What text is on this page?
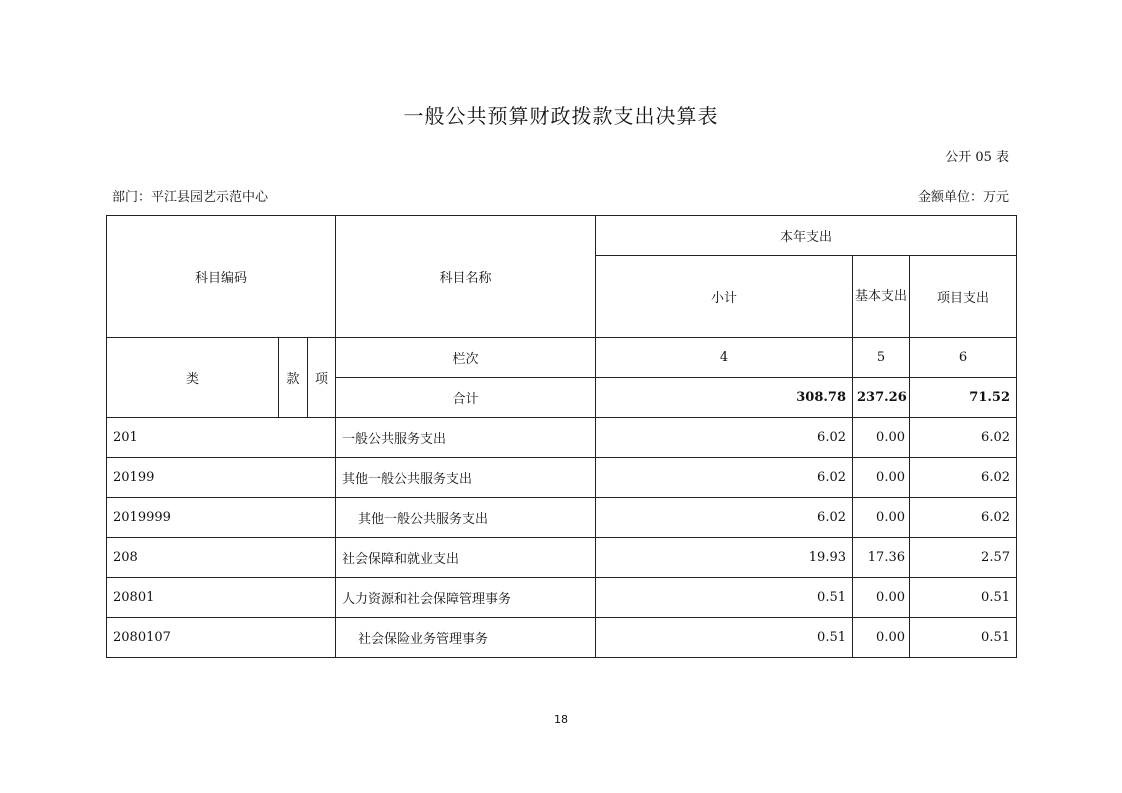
一般公共预算财政拨款支出决算表
公开 05 表
部门：平江县园艺示范中心	金额单位：万元
科目编码			科目名称	本年支出		
				小计	基本支出	项目支出
类	款	项	栏次	4	5	6
			合计	308.78	237.26	71.52
201			一般公共服务支出	6.02	0.00	6.02
20199			其他一般公共服务支出	6.02	0.00	6.02
2019999			其他一般公共服务支出	6.02	0.00	6.02
208			社会保障和就业支出	19.93	17.36	2.57
20801			人力资源和社会保障管理事务	0.51	0.00	0.51
2080107			社会保险业务管理事务	0.51	0.00	0.51
18
